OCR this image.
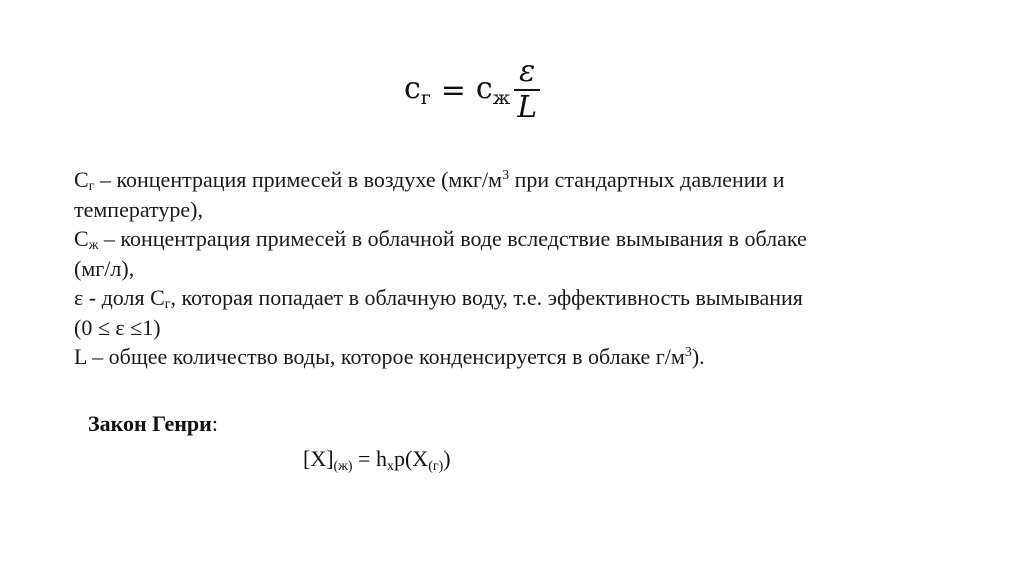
$c_г = c_ж \frac{\varepsilon}{L}$
$С_г$ – концентрация примесей в воздухе ($мкг/м^3$ при стандартных давлении и
температуре),
$С_ж$ – концентрация примесей в облачной воде вследствие вымывания в облаке
(мг/л),
ε - доля $С_г$, которая попадает в облачную воду, т.е. эффективность вымывания
(0 ≤ ε ≤1)
L – общее количество воды, которое конденсируется в облаке $г/м^3$).
Закон Генри:
$[X]_{(ж)} = h_xp(X_{(г)})$
